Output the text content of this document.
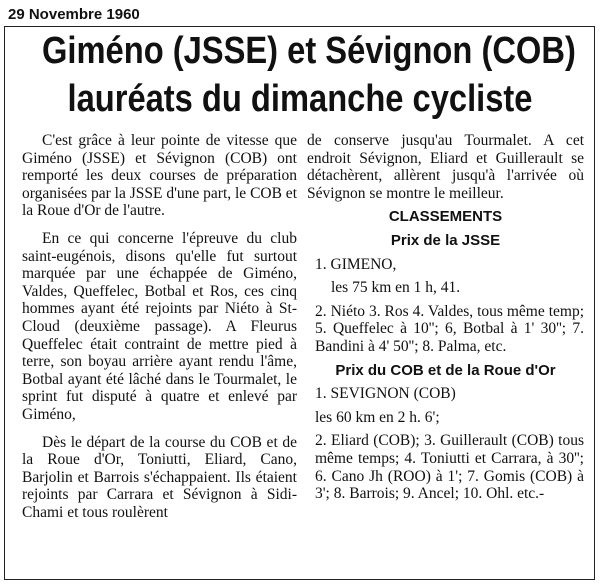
29 Novembre 1960
Giméno (JSSE) et Sévignon (COB)
lauréats du dimanche cycliste

C'est grâce à leur pointe de vitesse que Giméno (JSSE) et Sévignon (COB) ont remporté les deux courses de préparation organisées par la JSSE d'une part, le COB et la Roue d'Or de l'autre.

En ce qui concerne l'épreuve du club saint-eugénois, disons qu'elle fut surtout marquée par une échappée de Giméno, Valdes, Queffelec, Botbal et Ros, ces cinq hommes ayant été rejoints par Niéto à St-Cloud (deuxième passage). A Fleurus Queffelec était contraint de mettre pied à terre, son boyau arrière ayant rendu l'âme, Botbal ayant été lâché dans le Tourmalet, le sprint fut disputé à quatre et enlevé par Giméno,

Dès le départ de la course du COB et de la Roue d'Or, Toniutti, Eliard, Cano, Barjolin et Barrois s'échappaient. Ils étaient rejoints par Carrara et Sévignon à Sidi-Chami et tous roulèrent

de conserve jusqu'au Tourmalet. A cet endroit Sévignon, Eliard et Guillerault se détachèrent, allèrent jusqu'à l'arrivée où Sévignon se montre le meilleur.

CLASSEMENTS
Prix de la JSSE
1. GIMENO,
les 75 km en 1 h, 41.
2. Niéto 3. Ros 4. Valdes, tous même temp; 5. Queffelec à 10''; 6, Botbal à 1' 30''; 7. Bandini à 4' 50''; 8. Palma, etc.
Prix du COB et de la Roue d'Or
1. SEVIGNON (COB)
les 60 km en 2 h. 6';
2. Eliard (COB); 3. Guillerault (COB) tous même temps; 4. Toniutti et Carrara, à 30''; 6. Cano Jh (ROO) à 1'; 7. Gomis (COB) à 3'; 8. Barrois; 9. Ancel; 10. Ohl. etc.-
